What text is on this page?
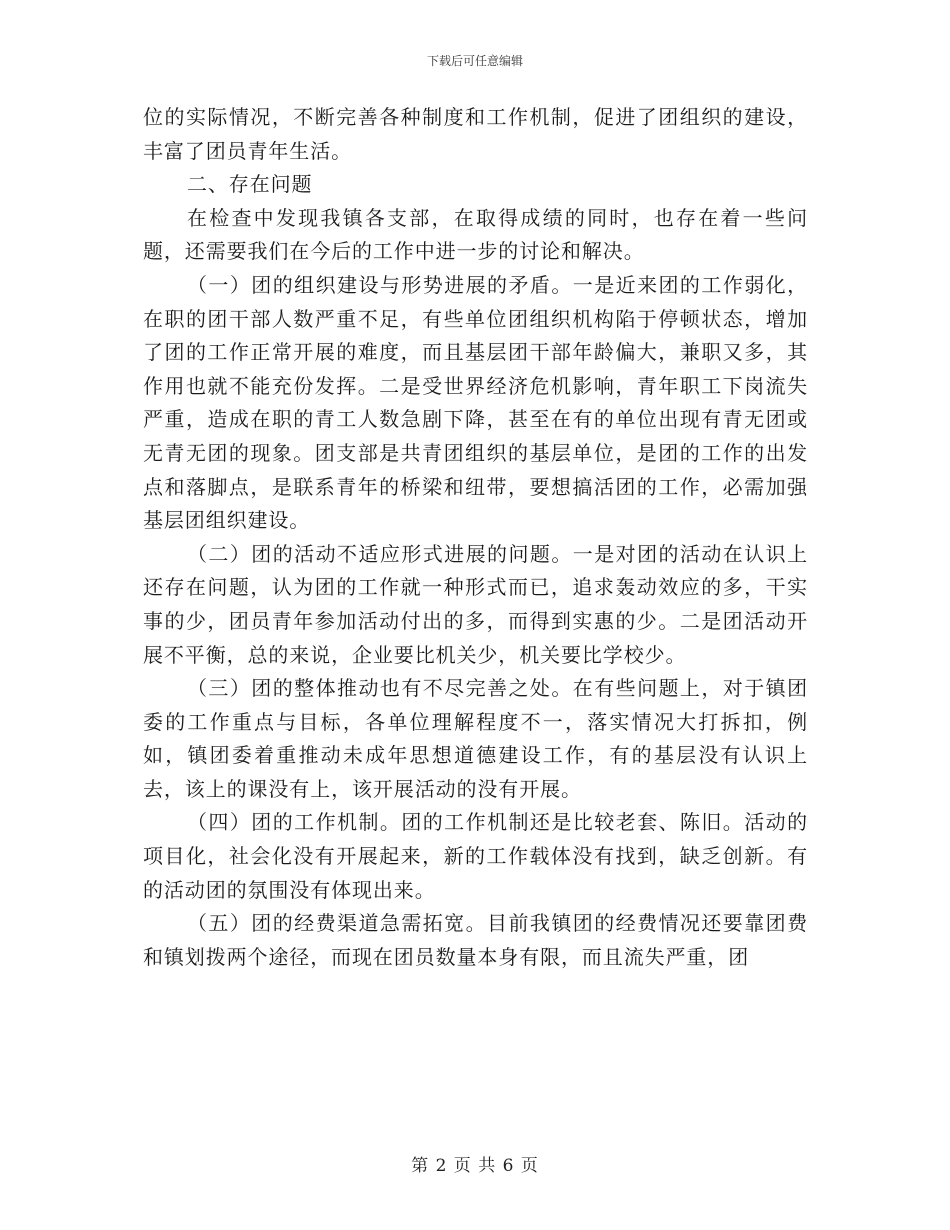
下载后可任意编辑

位的实际情况，不断完善各种制度和工作机制，促进了团组织的建设，丰富了团员青年生活。

二、存在问题

在检查中发现我镇各支部，在取得成绩的同时，也存在着一些问题，还需要我们在今后的工作中进一步的讨论和解决。

（一）团的组织建设与形势进展的矛盾。一是近来团的工作弱化，在职的团干部人数严重不足，有些单位团组织机构陷于停顿状态，增加了团的工作正常开展的难度，而且基层团干部年龄偏大，兼职又多，其作用也就不能充份发挥。二是受世界经济危机影响，青年职工下岗流失严重，造成在职的青工人数急剧下降，甚至在有的单位出现有青无团或无青无团的现象。团支部是共青团组织的基层单位，是团的工作的出发点和落脚点，是联系青年的桥梁和纽带，要想搞活团的工作，必需加强基层团组织建设。

（二）团的活动不适应形式进展的问题。一是对团的活动在认识上还存在问题，认为团的工作就一种形式而已，追求轰动效应的多，干实事的少，团员青年参加活动付出的多，而得到实惠的少。二是团活动开展不平衡，总的来说，企业要比机关少，机关要比学校少。

（三）团的整体推动也有不尽完善之处。在有些问题上，对于镇团委的工作重点与目标，各单位理解程度不一，落实情况大打拆扣，例如，镇团委着重推动未成年思想道德建设工作，有的基层没有认识上去，该上的课没有上，该开展活动的没有开展。

（四）团的工作机制。团的工作机制还是比较老套、陈旧。活动的项目化，社会化没有开展起来，新的工作载体没有找到，缺乏创新。有的活动团的氛围没有体现出来。

（五）团的经费渠道急需拓宽。目前我镇团的经费情况还要靠团费和镇划拨两个途径，而现在团员数量本身有限，而且流失严重，团

第 2 页 共 6 页
